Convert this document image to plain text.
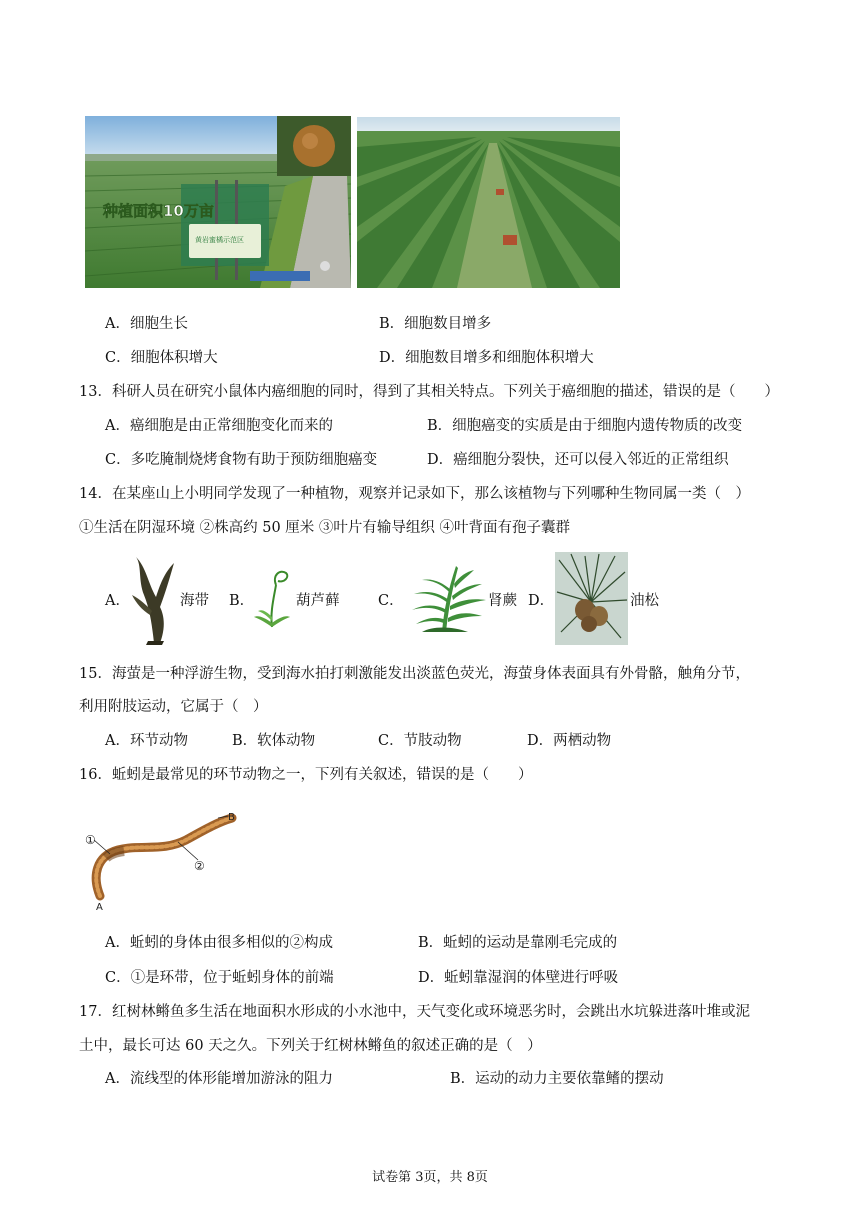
种植面积10万亩
黄岩蜜橘示范区
A．细胞生长	B．细胞数目增多
C．细胞体积增大	D．细胞数目增多和细胞体积增大
13．科研人员在研究小鼠体内癌细胞的同时，得到了其相关特点。下列关于癌细胞的描述，错误的是（　　）
A．癌细胞是由正常细胞变化而来的	B．细胞癌变的实质是由于细胞内遗传物质的改变
C．多吃腌制烧烤食物有助于预防细胞癌变	D．癌细胞分裂快，还可以侵入邻近的正常组织
14．在某座山上小明同学发现了一种植物，观察并记录如下，那么该植物与下列哪种生物同属一类（　）
①生活在阴湿环境 ②株高约 50 厘米 ③叶片有输导组织 ④叶背面有孢子囊群
A．	海带 B．	葫芦藓	C．	肾蕨 D．	油松
15．海萤是一种浮游生物，受到海水拍打刺激能发出淡蓝色荧光，海萤身体表面具有外骨骼，触角分节，
利用附肢运动，它属于（　）
A．环节动物	B．软体动物	C．节肢动物	D．两栖动物
16．蚯蚓是最常见的环节动物之一，下列有关叙述，错误的是（　　）
①
②
A
B
A．蚯蚓的身体由很多相似的②构成	B．蚯蚓的运动是靠刚毛完成的
C．①是环带，位于蚯蚓身体的前端	D．蚯蚓靠湿润的体壁进行呼吸
17．红树林鳉鱼多生活在地面积水形成的小水池中，天气变化或环境恶劣时，会跳出水坑躲进落叶堆或泥
土中，最长可达 60 天之久。下列关于红树林鳉鱼的叙述正确的是（　）
A．流线型的体形能增加游泳的阻力	B．运动的动力主要依靠鳍的摆动
试卷第 3页，共 8页
